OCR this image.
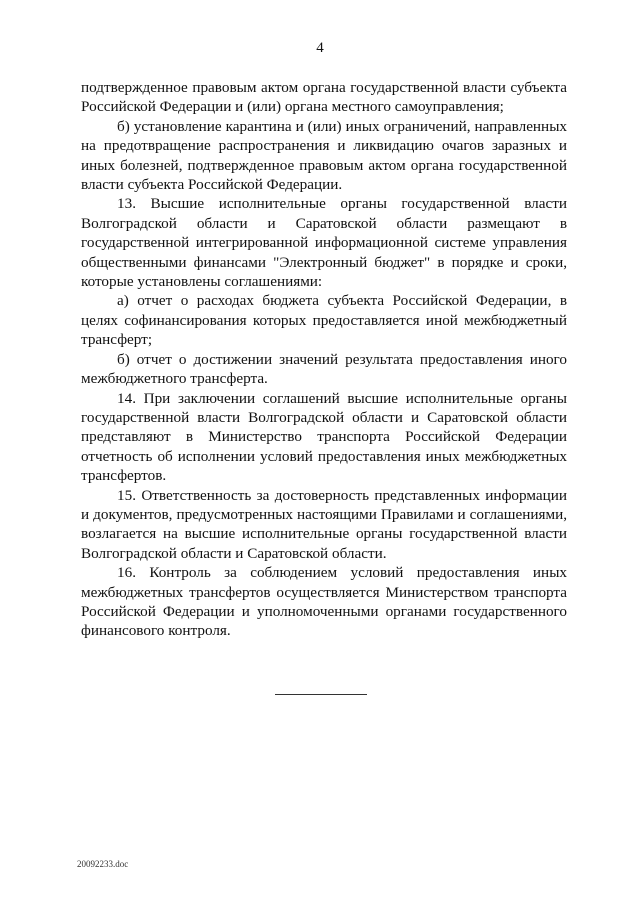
4

подтвержденное правовым актом органа государственной власти субъекта Российской Федерации и (или) органа местного самоуправления;

б) установление карантина и (или) иных ограничений, направленных на предотвращение распространения и ликвидацию очагов заразных и иных болезней, подтвержденное правовым актом органа государственной власти субъекта Российской Федерации.

13. Высшие исполнительные органы государственной власти Волгоградской области и Саратовской области размещают в государственной интегрированной информационной системе управления общественными финансами "Электронный бюджет" в порядке и сроки, которые установлены соглашениями:

а) отчет о расходах бюджета субъекта Российской Федерации, в целях софинансирования которых предоставляется иной межбюджетный трансферт;

б) отчет о достижении значений результата предоставления иного межбюджетного трансферта.

14. При заключении соглашений высшие исполнительные органы государственной власти Волгоградской области и Саратовской области представляют в Министерство транспорта Российской Федерации отчетность об исполнении условий предоставления иных межбюджетных трансфертов.

15. Ответственность за достоверность представленных информации и документов, предусмотренных настоящими Правилами и соглашениями, возлагается на высшие исполнительные органы государственной власти Волгоградской области и Саратовской области.

16. Контроль за соблюдением условий предоставления иных межбюджетных трансфертов осуществляется Министерством транспорта Российской Федерации и уполномоченными органами государственного финансового контроля.

20092233.doc
